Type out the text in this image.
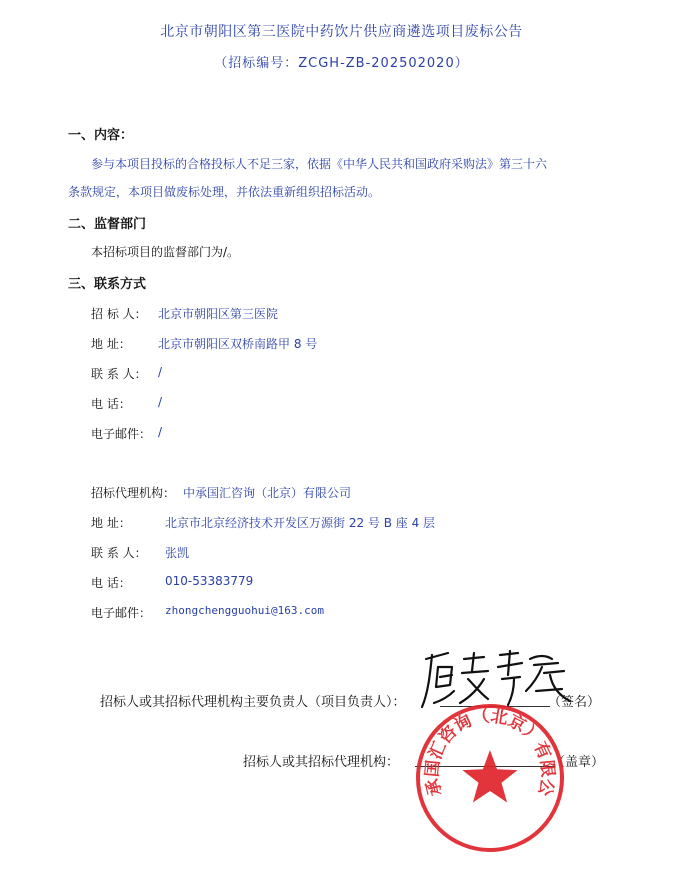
北京市朝阳区第三医院中药饮片供应商遴选项目废标公告
（招标编号：ZCGH-ZB-202502020）
一、内容：
参与本项目投标的合格投标人不足三家，依据《中华人民共和国政府采购法》第三十六
条款规定，本项目做废标处理，并依法重新组织招标活动。
二、监督部门
本招标项目的监督部门为/。
三、联系方式
招 标 人： 北京市朝阳区第三医院
地 址： 北京市朝阳区双桥南路甲 8 号
联 系 人： /
电 话： /
电子邮件： /
招标代理机构： 中承国汇咨询（北京）有限公司
地 址：	北京市北京经济技术开发区万源街 22 号 B 座 4 层
联 系 人： 张凯
电 话：	010-53383779
电子邮件： zhongchengguohui@163.com
招标人或其招标代理机构主要负责人（项目负责人）：	（签名）
招标人或其招标代理机构：	（盖章）
中承国汇咨询（北京）有限公司
